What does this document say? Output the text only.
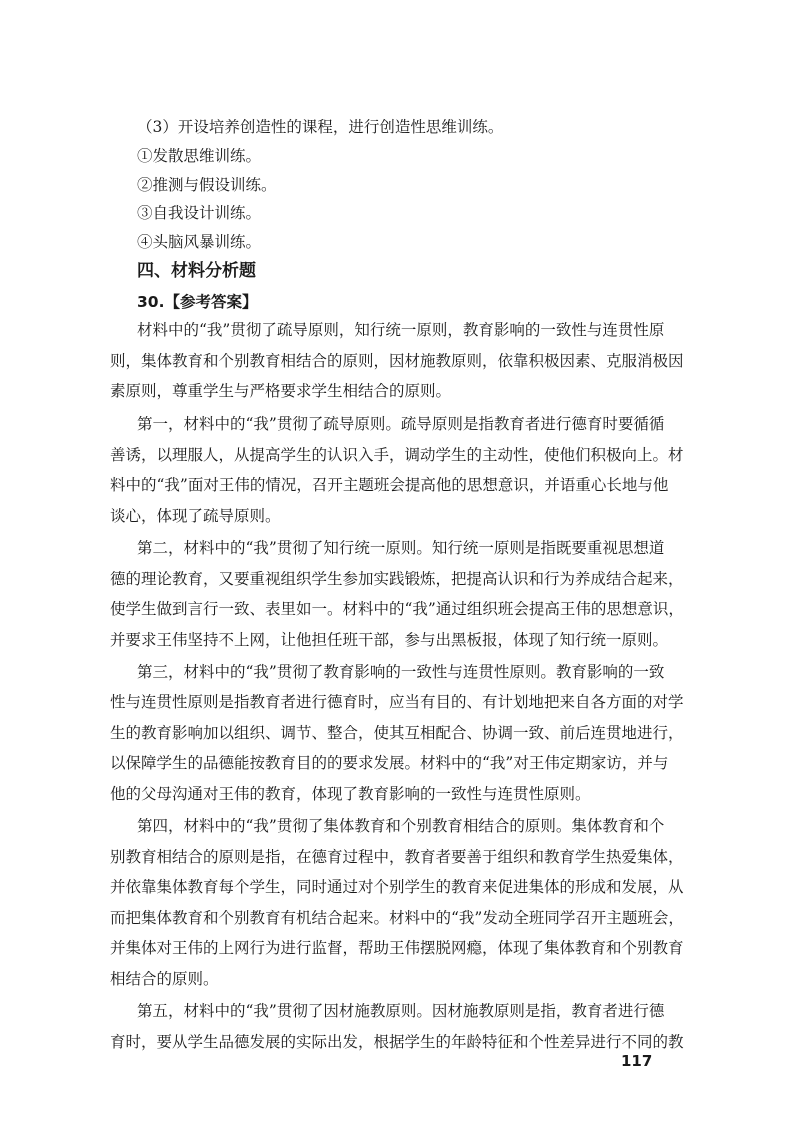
（3）开设培养创造性的课程，进行创造性思维训练。
①发散思维训练。
②推测与假设训练。
③自我设计训练。
④头脑风暴训练。
四、材料分析题
30.【参考答案】
材料中的“我”贯彻了疏导原则，知行统一原则，教育影响的一致性与连贯性原
则，集体教育和个别教育相结合的原则，因材施教原则，依靠积极因素、克服消极因
素原则，尊重学生与严格要求学生相结合的原则。
第一，材料中的“我”贯彻了疏导原则。疏导原则是指教育者进行德育时要循循
善诱，以理服人，从提高学生的认识入手，调动学生的主动性，使他们积极向上。材
料中的“我”面对王伟的情况，召开主题班会提高他的思想意识，并语重心长地与他
谈心，体现了疏导原则。
第二，材料中的“我”贯彻了知行统一原则。知行统一原则是指既要重视思想道
德的理论教育，又要重视组织学生参加实践锻炼，把提高认识和行为养成结合起来，
使学生做到言行一致、表里如一。材料中的“我”通过组织班会提高王伟的思想意识，
并要求王伟坚持不上网，让他担任班干部，参与出黑板报，体现了知行统一原则。
第三，材料中的“我”贯彻了教育影响的一致性与连贯性原则。教育影响的一致
性与连贯性原则是指教育者进行德育时，应当有目的、有计划地把来自各方面的对学
生的教育影响加以组织、调节、整合，使其互相配合、协调一致、前后连贯地进行，
以保障学生的品德能按教育目的的要求发展。材料中的“我”对王伟定期家访，并与
他的父母沟通对王伟的教育，体现了教育影响的一致性与连贯性原则。
第四，材料中的“我”贯彻了集体教育和个别教育相结合的原则。集体教育和个
别教育相结合的原则是指，在德育过程中，教育者要善于组织和教育学生热爱集体，
并依靠集体教育每个学生，同时通过对个别学生的教育来促进集体的形成和发展，从
而把集体教育和个别教育有机结合起来。材料中的“我”发动全班同学召开主题班会，
并集体对王伟的上网行为进行监督，帮助王伟摆脱网瘾，体现了集体教育和个别教育
相结合的原则。
第五，材料中的“我”贯彻了因材施教原则。因材施教原则是指，教育者进行德
育时，要从学生品德发展的实际出发，根据学生的年龄特征和个性差异进行不同的教
117
